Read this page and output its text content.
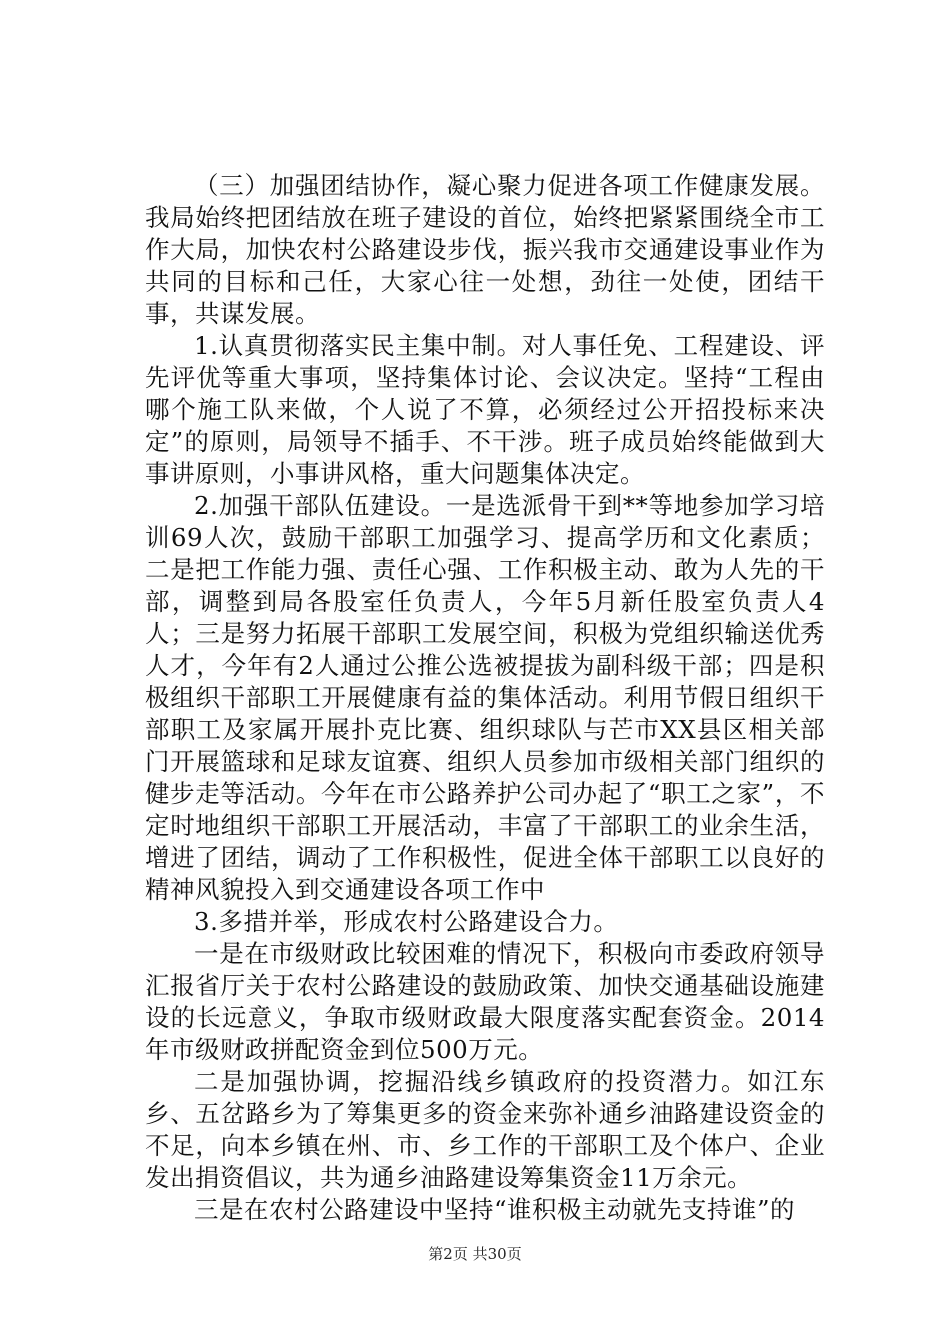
（三）加强团结协作，凝心聚力促进各项工作健康发展。我局始终把团结放在班子建设的首位，始终把紧紧围绕全市工作大局，加快农村公路建设步伐，振兴我市交通建设事业作为共同的目标和己任，大家心往一处想，劲往一处使，团结干事，共谋发展。

1.认真贯彻落实民主集中制。对人事任免、工程建设、评先评优等重大事项，坚持集体讨论、会议决定。坚持“工程由哪个施工队来做，个人说了不算，必须经过公开招投标来决定”的原则，局领导不插手、不干涉。班子成员始终能做到大事讲原则，小事讲风格，重大问题集体决定。

2.加强干部队伍建设。一是选派骨干到**等地参加学习培训69人次，鼓励干部职工加强学习、提高学历和文化素质；二是把工作能力强、责任心强、工作积极主动、敢为人先的干部，调整到局各股室任负责人，今年5月新任股室负责人4人；三是努力拓展干部职工发展空间，积极为党组织输送优秀人才，今年有2人通过公推公选被提拔为副科级干部；四是积极组织干部职工开展健康有益的集体活动。利用节假日组织干部职工及家属开展扑克比赛、组织球队与芒市XX县区相关部门开展篮球和足球友谊赛、组织人员参加市级相关部门组织的健步走等活动。今年在市公路养护公司办起了“职工之家”，不定时地组织干部职工开展活动，丰富了干部职工的业余生活，增进了团结，调动了工作积极性，促进全体干部职工以良好的精神风貌投入到交通建设各项工作中

3.多措并举，形成农村公路建设合力。

一是在市级财政比较困难的情况下，积极向市委政府领导汇报省厅关于农村公路建设的鼓励政策、加快交通基础设施建设的长远意义，争取市级财政最大限度落实配套资金。2014年市级财政拼配资金到位500万元。

二是加强协调，挖掘沿线乡镇政府的投资潜力。如江东乡、五岔路乡为了筹集更多的资金来弥补通乡油路建设资金的不足，向本乡镇在州、市、乡工作的干部职工及个体户、企业发出捐资倡议，共为通乡油路建设筹集资金11万余元。

三是在农村公路建设中坚持“谁积极主动就先支持谁”的

第2页 共30页
